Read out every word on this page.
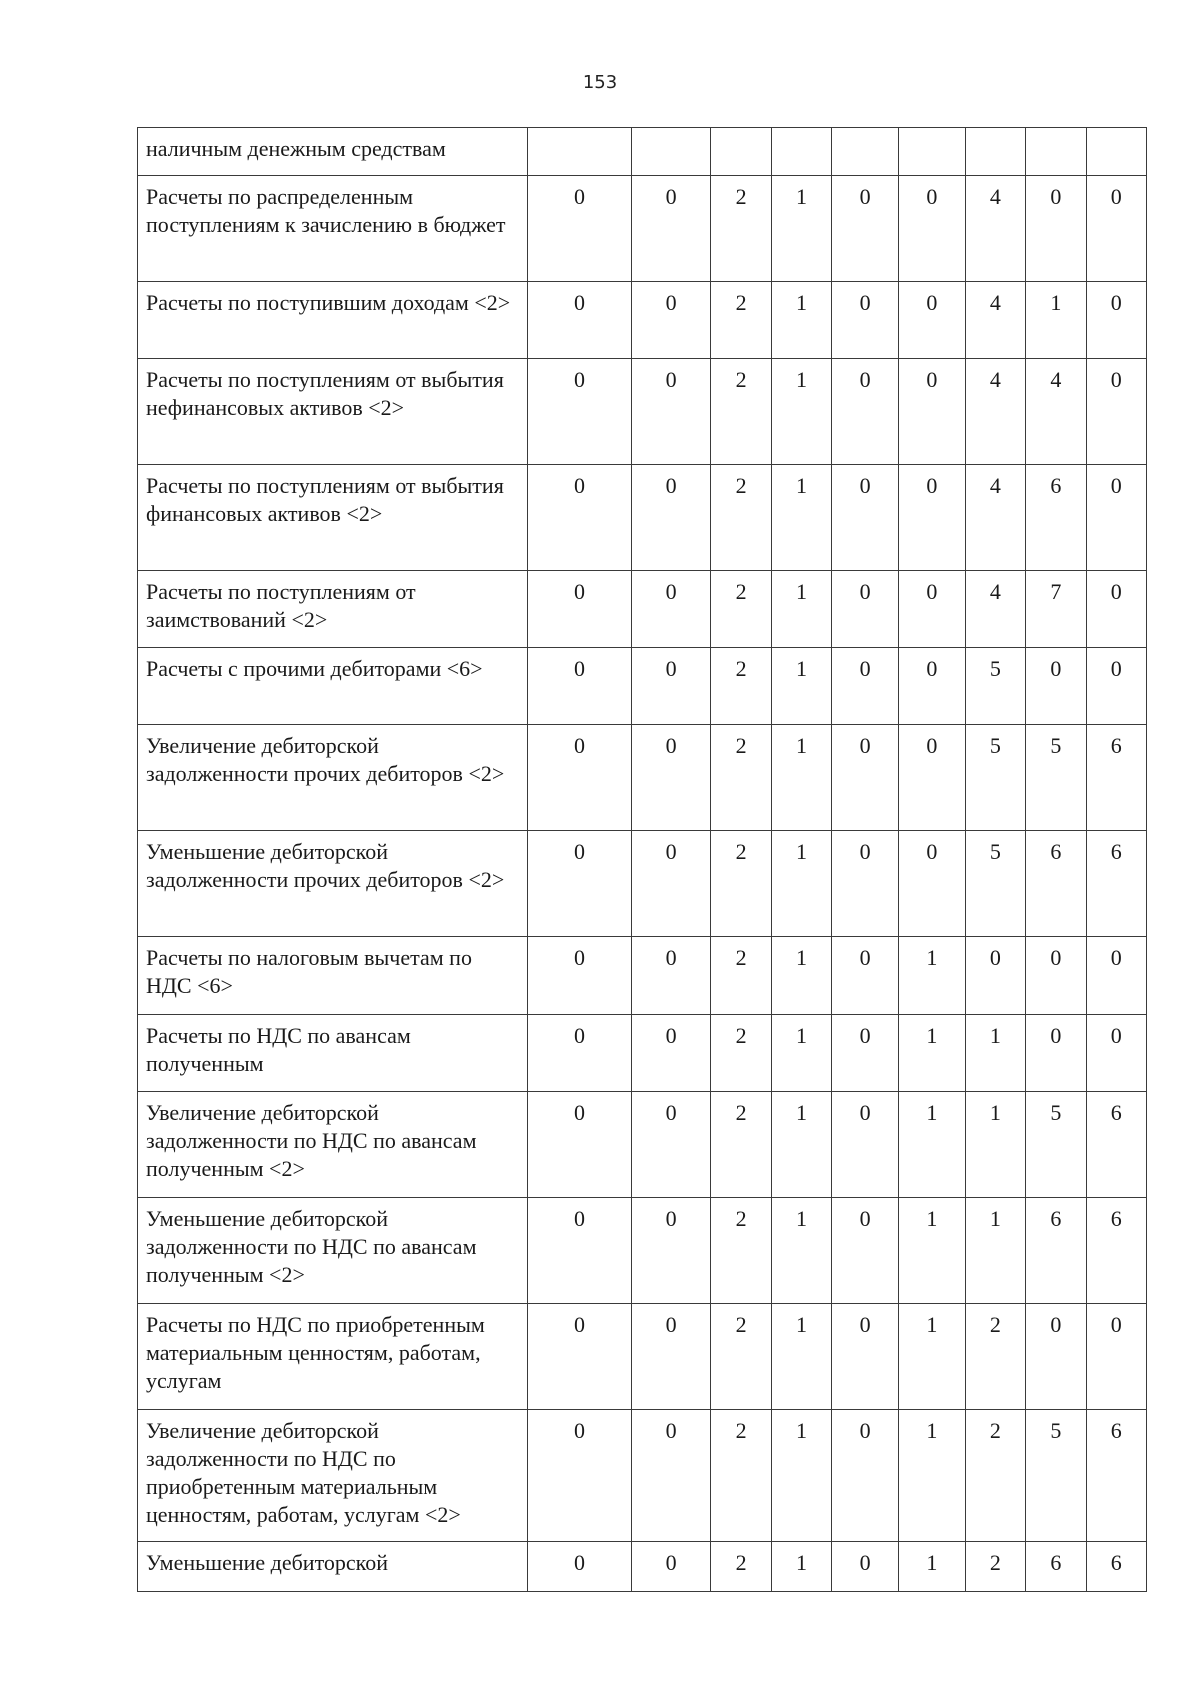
153
наличным денежным средствам									
Расчеты по распределенным поступлениям к зачислению в бюджет	0	0	2	1	0	0	4	0	0
Расчеты по поступившим доходам <2>	0	0	2	1	0	0	4	1	0
Расчеты по поступлениям от выбытия нефинансовых активов <2>	0	0	2	1	0	0	4	4	0
Расчеты по поступлениям от выбытия финансовых активов <2>	0	0	2	1	0	0	4	6	0
Расчеты по поступлениям от заимствований <2>	0	0	2	1	0	0	4	7	0
Расчеты с прочими дебиторами <6>	0	0	2	1	0	0	5	0	0
Увеличение дебиторской задолженности прочих дебиторов <2>	0	0	2	1	0	0	5	5	6
Уменьшение дебиторской задолженности прочих дебиторов <2>	0	0	2	1	0	0	5	6	6
Расчеты по налоговым вычетам по НДС <6>	0	0	2	1	0	1	0	0	0
Расчеты по НДС по авансам полученным	0	0	2	1	0	1	1	0	0
Увеличение дебиторской задолженности по НДС по авансам полученным <2>	0	0	2	1	0	1	1	5	6
Уменьшение дебиторской задолженности по НДС по авансам полученным <2>	0	0	2	1	0	1	1	6	6
Расчеты по НДС по приобретенным материальным ценностям, работам, услугам	0	0	2	1	0	1	2	0	0
Увеличение дебиторской задолженности по НДС по приобретенным материальным ценностям, работам, услугам <2>	0	0	2	1	0	1	2	5	6
Уменьшение дебиторской	0	0	2	1	0	1	2	6	6
